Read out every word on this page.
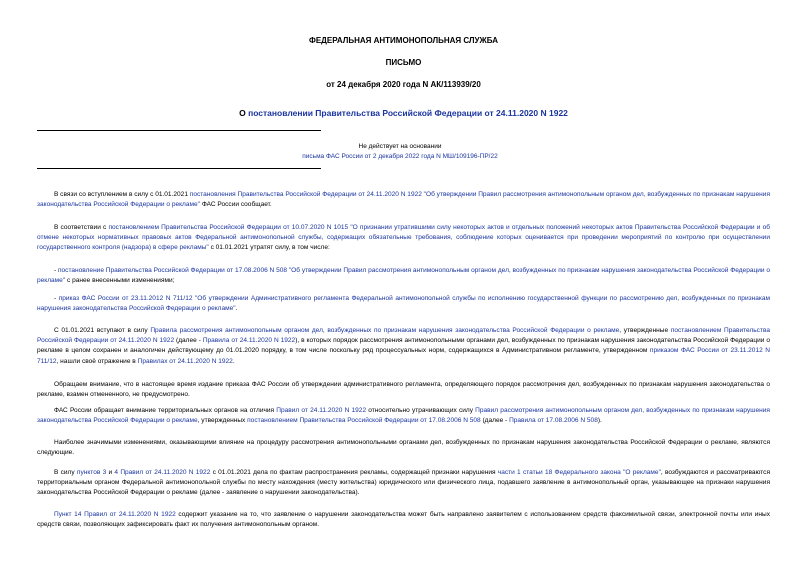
ФЕДЕРАЛЬНАЯ АНТИМОНОПОЛЬНАЯ СЛУЖБА
ПИСЬМО
от 24 декабря 2020 года N АК/113939/20
О постановлении Правительства Российской Федерации от 24.11.2020 N 1922
Не действует на основании
письма ФАС России от 2 декабря 2022 года N МШ/109196-ПР/22
В связи со вступлением в силу с 01.01.2021 постановления Правительства Российской Федерации от 24.11.2020 N 1922 "Об утверждении Правил рассмотрения антимонопольным органом дел, возбужденных по признакам нарушения законодательства Российской Федерации о рекламе" ФАС России сообщает.
В соответствии с постановлением Правительства Российской Федерации от 10.07.2020 N 1015 "О признании утратившими силу некоторых актов и отдельных положений некоторых актов Правительства Российской Федерации и об отмене некоторых нормативных правовых актов Федеральной антимонопольной службы, содержащих обязательные требования, соблюдение которых оценивается при проведении мероприятий по контролю при осуществлении государственного контроля (надзора) в сфере рекламы" с 01.01.2021 утратят силу, в том числе:
- постановление Правительства Российской Федерации от 17.08.2006 N 508 "Об утверждении Правил рассмотрения антимонопольным органом дел, возбужденных по признакам нарушения законодательства Российской Федерации о рекламе" с ранее внесенными изменениями;
- приказ ФАС России от 23.11.2012 N 711/12 "Об утверждении Административного регламента Федеральной антимонопольной службы по исполнению государственной функции по рассмотрению дел, возбужденных по признакам нарушения законодательства Российской Федерации о рекламе".
С 01.01.2021 вступают в силу Правила рассмотрения антимонопольным органом дел, возбужденных по признакам нарушения законодательства Российской Федерации о рекламе, утвержденные постановлением Правительства Российской Федерации от 24.11.2020 N 1922 (далее - Правила от 24.11.2020 N 1922), в которых порядок рассмотрения антимонопольными органами дел, возбужденных по признакам нарушения законодательства Российской Федерации о рекламе в целом сохранен и аналогичен действующему до 01.01.2020 порядку, в том числе поскольку ряд процессуальных норм, содержащихся в Административном регламенте, утвержденном приказом ФАС России от 23.11.2012 N 711/12, нашли своё отражение в Правилах от 24.11.2020 N 1922.
Обращаем внимание, что в настоящее время издание приказа ФАС России об утверждении административного регламента, определяющего порядок рассмотрения дел, возбужденных по признакам нарушения законодательства о рекламе, взамен отмененного, не предусмотрено.
ФАС России обращает внимание территориальных органов на отличия Правил от 24.11.2020 N 1922 относительно утрачивающих силу Правил рассмотрения антимонопольным органом дел, возбужденных по признакам нарушения законодательства Российской Федерации о рекламе, утвержденных постановлением Правительства Российской Федерации от 17.08.2006 N 508 (далее - Правила от 17.08.2006 N 508).
Наиболее значимыми изменениями, оказывающими влияние на процедуру рассмотрения антимонопольными органами дел, возбужденных по признакам нарушения законодательства Российской Федерации о рекламе, являются следующие.
В силу пунктов 3 и 4 Правил от 24.11.2020 N 1922 с 01.01.2021 дела по фактам распространения рекламы, содержащей признаки нарушения части 1 статьи 18 Федерального закона "О рекламе", возбуждаются и рассматриваются территориальным органом Федеральной антимонопольной службы по месту нахождения (месту жительства) юридического или физического лица, подавшего заявление в антимонопольный орган, указывающее на признаки нарушения законодательства Российской Федерации о рекламе (далее - заявление о нарушении законодательства).
Пункт 14 Правил от 24.11.2020 N 1922 содержит указание на то, что заявление о нарушении законодательства может быть направлено заявителем с использованием средств факсимильной связи, электронной почты или иных средств связи, позволяющих зафиксировать факт их получения антимонопольным органом.
